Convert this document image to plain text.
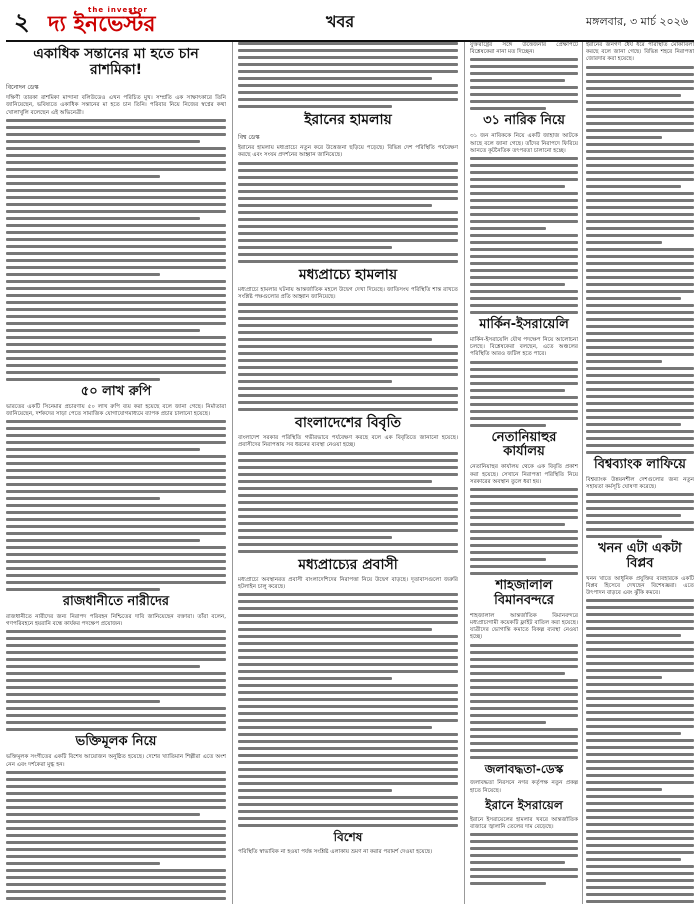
২	the investor
দ্য ইনভেস্টর	খবর	মঙ্গলবার, ৩ মার্চ ২০২৬
একাধিক সন্তানের মা হতে চান রাশমিকা!
বিনোদন ডেস্ক

দক্ষিণী তারকা রাশমিকা মান্দানা বলিউডেও এখন পরিচিত মুখ। সম্প্রতি এক সাক্ষাৎকারে তিনি জানিয়েছেন, ভবিষ্যতে একাধিক সন্তানের মা হতে চান তিনি। পরিবার নিয়ে নিজের স্বপ্নের কথা খোলাখুলি বলেছেন এই অভিনেত্রী।

৫০ লাখ রুপি

ভারতের একটি সিনেমার প্রচারণায় ৫০ লাখ রুপি ব্যয় করা হয়েছে বলে জানা গেছে। নির্মাতারা জানিয়েছেন, দর্শকদের সাড়া পেতে সামাজিক যোগাযোগমাধ্যমে ব্যাপক প্রচার চালানো হয়েছে।

রাজধানীতে নারীদের

রাজধানীতে নারীদের জন্য নিরাপদ পরিবহন নিশ্চিতের দাবি জানিয়েছেন বক্তারা। তাঁরা বলেন, গণপরিবহনে হয়রানি বন্ধে কার্যকর পদক্ষেপ প্রয়োজন।

ভক্তিমূলক নিয়ে

ভক্তিমূলক সংগীতের একটি বিশেষ আয়োজন অনুষ্ঠিত হয়েছে। দেশের খ্যাতিমান শিল্পীরা এতে অংশ নেন এবং দর্শকেরা মুগ্ধ হন।

ইরানের হামলায়
বিশ্ব ডেস্ক

ইরানের হামলায় মধ্যপ্রাচ্যে নতুন করে উত্তেজনা ছড়িয়ে পড়েছে। বিভিন্ন দেশ পরিস্থিতি পর্যবেক্ষণ করছে এবং সংযম প্রদর্শনের আহ্বান জানিয়েছে।

মধ্যপ্রাচ্যে হামলায়

মধ্যপ্রাচ্যে হামলার ঘটনায় আন্তর্জাতিক মহলে উদ্বেগ দেখা দিয়েছে। জাতিসংঘ পরিস্থিতি শান্ত রাখতে সংশ্লিষ্ট পক্ষগুলোর প্রতি আহ্বান জানিয়েছে।

বাংলাদেশের বিবৃতি

বাংলাদেশ সরকার পরিস্থিতি গভীরভাবে পর্যবেক্ষণ করছে বলে এক বিবৃতিতে জানানো হয়েছে। প্রবাসীদের নিরাপত্তায় সব ধরনের ব্যবস্থা নেওয়া হচ্ছে।

মধ্যপ্রাচ্যের প্রবাসী

মধ্যপ্রাচ্যে অবস্থানরত প্রবাসী বাংলাদেশিদের নিরাপত্তা নিয়ে উদ্বেগ বাড়ছে। দূতাবাসগুলো জরুরি হটলাইন চালু করেছে।

বিশেষ

পরিস্থিতি স্বাভাবিক না হওয়া পর্যন্ত সংশ্লিষ্ট এলাকায় ভ্রমণ না করার পরামর্শ দেওয়া হয়েছে।

যুক্তরাষ্ট্রের সঙ্গে উত্তেজনার প্রেক্ষাপটে বিশ্লেষকেরা নানা মত দিচ্ছেন।

৩১ নারিক নিয়ে

৩১ জন নাবিককে নিয়ে একটি জাহাজ আটকে আছে বলে জানা গেছে। তাঁদের নিরাপদে ফিরিয়ে আনতে কূটনৈতিক তৎপরতা চালানো হচ্ছে।

মার্কিন-ইসরায়েলি

মার্কিন-ইসরায়েলি যৌথ পদক্ষেপ নিয়ে আলোচনা চলছে। বিশ্লেষকেরা বলছেন, এতে অঞ্চলের পরিস্থিতি আরও জটিল হতে পারে।

নেতানিয়াহুর কার্যালয়

নেতানিয়াহুর কার্যালয় থেকে এক বিবৃতি প্রকাশ করা হয়েছে। সেখানে নিরাপত্তা পরিস্থিতি নিয়ে সরকারের অবস্থান তুলে ধরা হয়।

শাহজালাল বিমানবন্দরে

শাহজালাল আন্তর্জাতিক বিমানবন্দরে মধ্যপ্রাচ্যগামী কয়েকটি ফ্লাইট বাতিল করা হয়েছে। যাত্রীদের ভোগান্তি কমাতে বিকল্প ব্যবস্থা নেওয়া হচ্ছে।

জলাবদ্ধতা-ডেস্ক

জলাবদ্ধতা নিরসনে নগর কর্তৃপক্ষ নতুন প্রকল্প হাতে নিয়েছে।

ইরানে ইসরায়েল

ইরানে ইসরায়েলের হামলার খবরে আন্তর্জাতিক বাজারে জ্বালানি তেলের দাম বেড়েছে।

ইরানের জনগণ ধৈর্য ধরে পরিস্থিতি মোকাবিলা করছে বলে জানা গেছে। বিভিন্ন শহরে নিরাপত্তা জোরদার করা হয়েছে।

বিশ্বব্যাংক লাফিয়ে

বিশ্বব্যাংক উন্নয়নশীল দেশগুলোর জন্য নতুন সহায়তা কর্মসূচি ঘোষণা করেছে।

খনন এটা একটা বিপ্লব

খনন খাতে আধুনিক প্রযুক্তির ব্যবহারকে একটি বিপ্লব হিসেবে দেখছেন বিশেষজ্ঞরা। এতে উৎপাদন বাড়বে এবং ঝুঁকি কমবে।
